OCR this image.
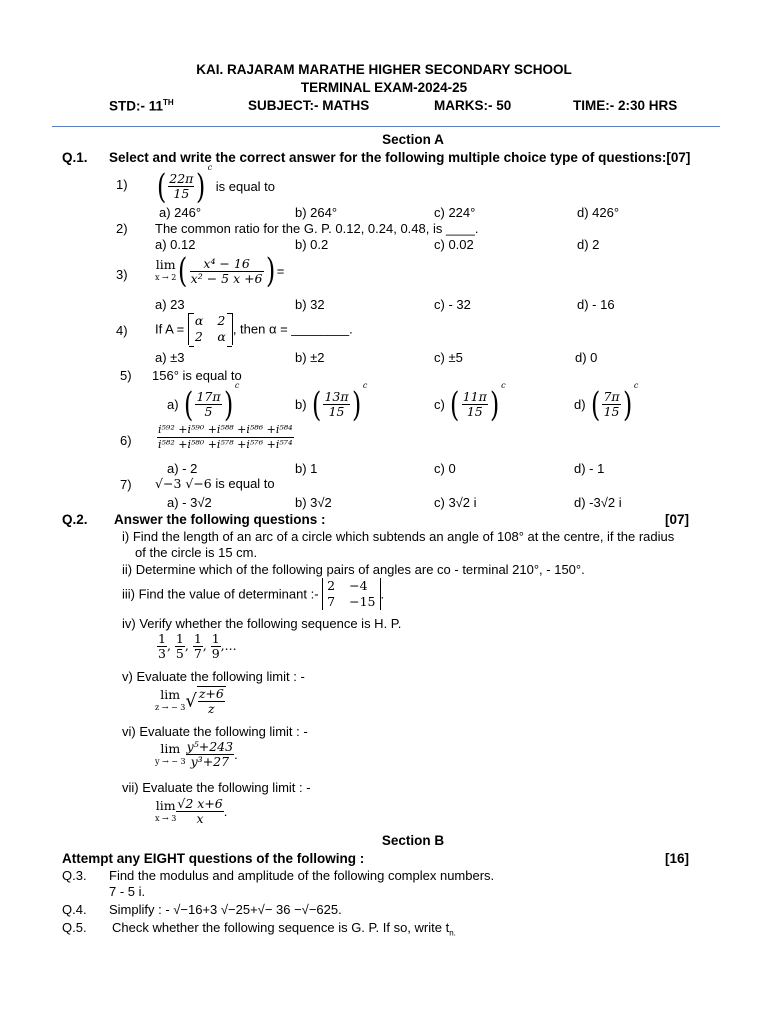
KAI. RAJARAM MARATHE HIGHER SECONDARY SCHOOL
TERMINAL EXAM-2024-25
STD:- 11TH	SUBJECT:- MATHS	MARKS:- 50	TIME:- 2:30 HRS
Section A
Q.1. Select and write the correct answer for the following multiple choice type of questions:[07]
1) ( $\frac{22\pi}{15}$ ) $^c$ is equal to
a) 246°	b) 264°	c) 224°	d) 426°
2) The common ratio for the G. P. 0.12, 0.24, 0.48, is ____.
a) 0.12	b) 0.2	c) 0.02	d) 2
3)
lim
x → 2 ( $\frac{\text{x⁴ − 16}}{\text{x² − 5 x +6}}$ ) =
a) 23	b) 32	c) - 32	d) - 16
4) If A =
α 2
2 α , then α = ________.
a) ±3	b) ±2	c) ±5	d) 0
5) 156° is equal to
a) ( $\frac{17\pi}{5}$ ) $^c$
b) ( $\frac{13\pi}{15}$ ) $^c$
c) ( $\frac{11\pi}{15}$ ) $^c$
d) ( $\frac{7\pi}{15}$ ) $^c$
$6) \frac{\text{i⁵⁹² +i⁵⁹⁰ +i⁵⁸⁸ +i⁵⁸⁶ +i⁵⁸⁴}}{\text{i⁵⁸² +i⁵⁸⁰ +i⁵⁷⁸ +i⁵⁷⁶ +i⁵⁷⁴}}$
a) - 2	b) 1	c) 0	d) - 1
7) √−3 √−6 is equal to
a) - 3√2	b) 3√2	c) 3√2 i	d) -3√2 i
Q.2. Answer the following questions :	[07]
i) Find the length of an arc of a circle which subtends an angle of 108° at the centre, if the radius
of the circle is 15 cm.
ii) Determine which of the following pairs of angles are co - terminal 210°, - 150°.
iii) Find the value of determinant :-
2 −4
7 −15 .
iv) Verify whether the following sequence is H. P.
$\frac{1}{3}$ , $\frac{1}{5}$ , $\frac{1}{7}$ , $\frac{1}{9}$ ,...
v) Evaluate the following limit : -
lim
z → − 3 √ $\frac{z+6}{z}$
vi) Evaluate the following limit : -
lim
y → − $3 \frac{\text{y⁵+243}}{\text{y³+27}}$ .
vii) Evaluate the following limit : -
lim
$x \to 3 \frac{√2 x+6}{x}$ .
Section B
Attempt any EIGHT questions of the following :	[16]
Q.3. Find the modulus and amplitude of the following complex numbers.
7 - 5 i.
Q.4. Simplify : - √−16+3 √−25+√− 36 −√−625.
Q.5. Check whether the following sequence is G. P. If so, write $t_{n.}$
